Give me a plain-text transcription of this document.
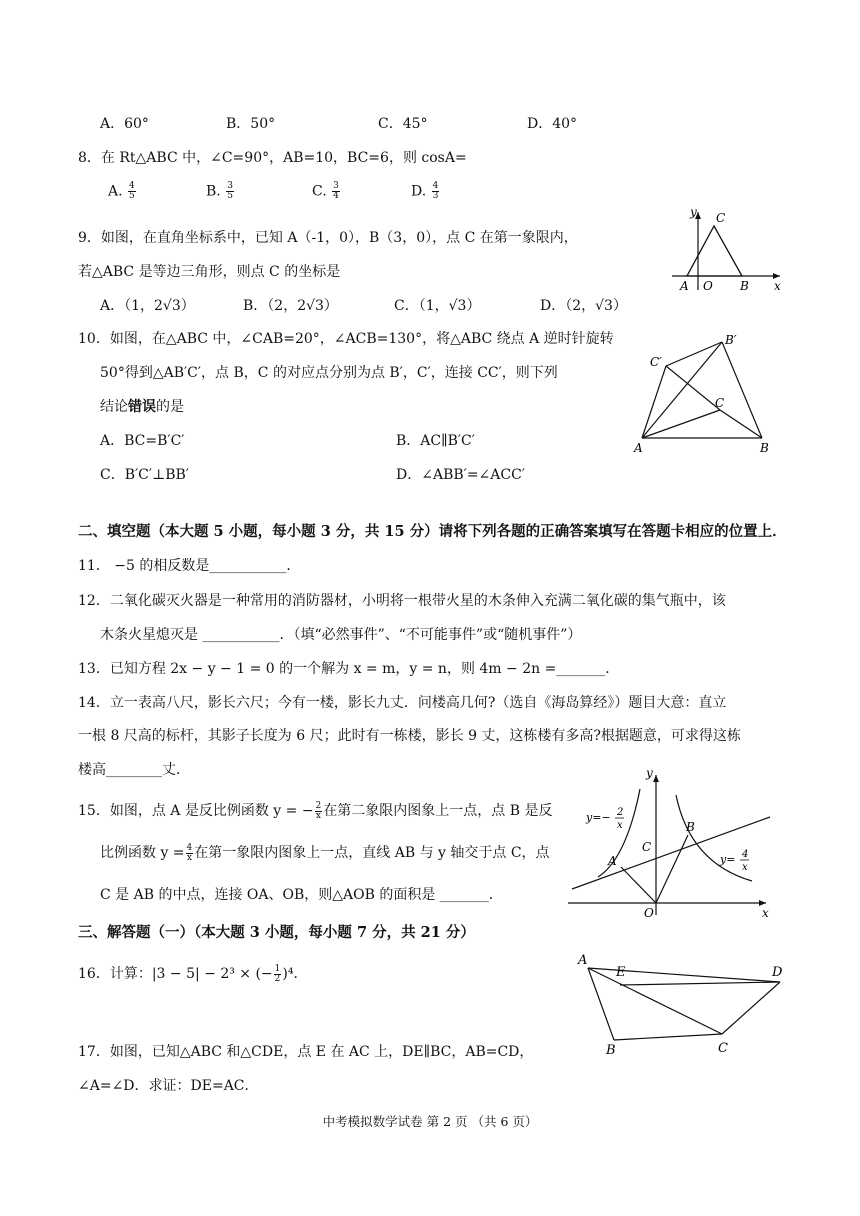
A．60°	B．50°	C．45°	D．40°
8．在 Rt△ABC 中，∠C=90°，AB=10，BC=6，则 cosA=
A. $\frac{4}{5}$	B. $\frac{3}{5}$	C. $\frac{3}{4}$	D. $\frac{4}{3}$
9．如图，在直角坐标系中，已知 A（-1，0），B（3，0），点 C 在第一象限内，
若△ABC 是等边三角形，则点 C 的坐标是
A．（1，2√3）	B．（2，2√3）	C．（1，√3）	D．（2，√3）
y C
A O B x
10．如图，在△ABC 中，∠CAB=20°，∠ACB=130°，将△ABC 绕点 A 逆时针旋转
50°得到△AB′C′，点 B，C 的对应点分别为点 B′，C′，连接 CC′，则下列
结论错误的是
A．BC=B′C′	B．AC∥B′C′
C．B′C′⊥BB′	D．∠ABB′=∠ACC′
B′
C′
C
A	B
二、填空题（本大题 5 小题，每小题 3 分，共 15 分）请将下列各题的正确答案填写在答题卡相应的位置上．
11． −5 的相反数是___________．
12．二氧化碳灭火器是一种常用的消防器材，小明将一根带火星的木条伸入充满二氧化碳的集气瓶中，该
木条火星熄灭是 ___________．（填“必然事件”、“不可能事件”或“随机事件”）
13．已知方程 2x − y − 1 = 0 的一个解为 x = m，y = n，则 4m − 2n =_______．
14．立一表高八尺，影长六尺；今有一楼，影长九丈．问楼高几何?（选自《海岛算经》）题目大意：直立
一根 8 尺高的标杆，其影子长度为 6 尺；此时有一栋楼，影长 9 丈，这栋楼有多高?根据题意，可求得这栋
楼高________丈．
15．如图，点 A 是反比例函数 y = − $\frac{2}{x}$ 在第二象限内图象上一点，点 B 是反
比例函数 $y = \frac{4}{x}$ 在第一象限内图象上一点，直线 AB 与 y 轴交于点 C，点
C 是 AB 的中点，连接 OA、OB，则△AOB 的面积是 _______．
y
x
O
A
B
C
y=− 2
x
y= 4
x
三、解答题（一）（本大题 3 小题，每小题 7 分，共 21 分）
16．计算：|3 − 5| − 2³ × (− $\frac{1}{2} )^4$．
17．如图，已知△ABC 和△CDE，点 E 在 AC 上，DE∥BC，AB=CD，
∠A=∠D．求证：DE=AC．
A
E	D
B	C
中考模拟数学试卷 第 2 页 （共 6 页）
